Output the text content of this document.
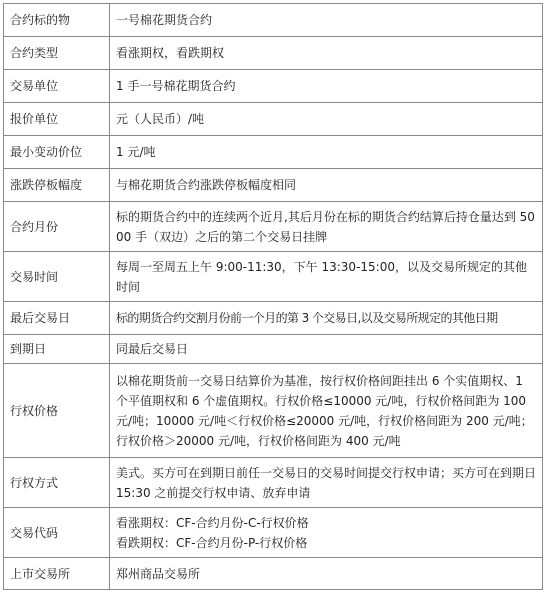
合约标的物	一号棉花期货合约
合约类型	看涨期权，看跌期权
交易单位	1 手一号棉花期货合约
报价单位	元（人民币）/吨
最小变动价位	1 元/吨
涨跌停板幅度	与棉花期货合约涨跌停板幅度相同
合约月份	标的期货合约中的连续两个近月,其后月份在标的期货合约结算后持仓量达到 5000 手（双边）之后的第二个交易日挂牌
交易时间	每周一至周五上午 9:00-11:30，下午 13:30-15:00，以及交易所规定的其他时间
最后交易日	标的期货合约交割月份前一个月的第 3 个交易日,以及交易所规定的其他日期
到期日	同最后交易日
行权价格	以棉花期货前一交易日结算价为基准，按行权价格间距挂出 6 个实值期权、1 个平值期权和 6 个虚值期权。行权价格≤10000 元/吨，行权价格间距为 100 元/吨；10000 元/吨＜行权价格≤20000 元/吨，行权价格间距为 200 元/吨；行权价格＞20000 元/吨，行权价格间距为 400 元/吨
行权方式	美式。买方可在到期日前任一交易日的交易时间提交行权申请；买方可在到期日 15:30 之前提交行权申请、放弃申请
交易代码	看涨期权：CF-合约月份-C-行权价格
看跌期权：CF-合约月份-P-行权价格

上市交易所	郑州商品交易所
